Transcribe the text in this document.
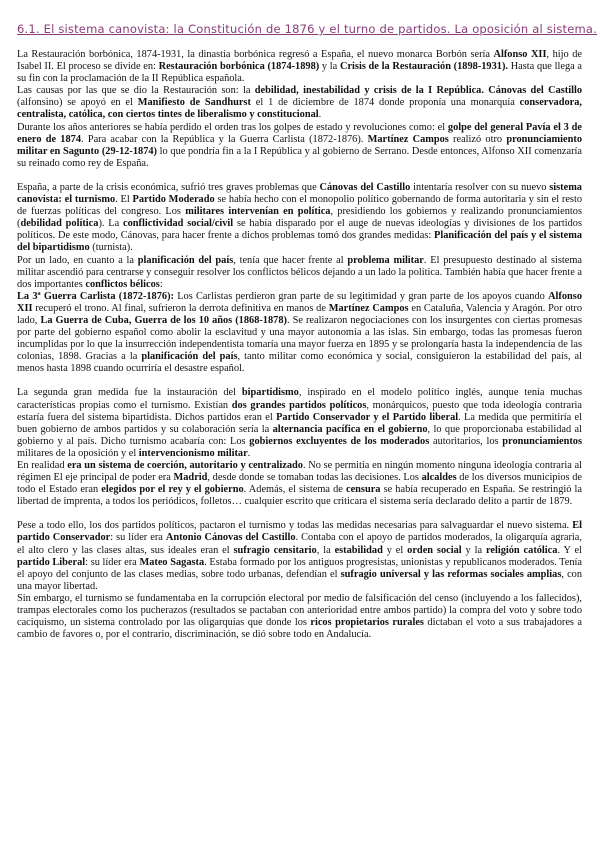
6.1. El sistema canovista: la Constitución de 1876 y el turno de partidos. La oposición al sistema.

La Restauración borbónica, 1874-1931, la dinastía borbónica regresó a España, el nuevo monarca Borbón sería Alfonso XII, hijo de Isabel II. El proceso se divide en: Restauración borbónica (1874-1898) y la Crisis de la Restauración (1898-1931). Hasta que llega a su fin con la proclamación de la II República española.

Las causas por las que se dio la Restauración son: la debilidad, inestabilidad y crisis de la I República. Cánovas del Castillo (alfonsino) se apoyó en el Manifiesto de Sandhurst el 1 de diciembre de 1874 donde proponía una monarquía conservadora, centralista, católica, con ciertos tintes de liberalismo y constitucional.

Durante los años anteriores se había perdido el orden tras los golpes de estado y revoluciones como: el golpe del general Pavía el 3 de enero de 1874. Para acabar con la República y la Guerra Carlista (1872-1876). Martínez Campos realizó otro pronunciamiento militar en Sagunto (29-12-1874) lo que pondría fin a la I República y al gobierno de Serrano. Desde entonces, Alfonso XII comenzaría su reinado como rey de España.

España, a parte de la crisis económica, sufrió tres graves problemas que Cánovas del Castillo intentaría resolver con su nuevo sistema canovista: el turnismo. El Partido Moderado se había hecho con el monopolio político gobernando de forma autoritaria y sin el resto de fuerzas políticas del congreso. Los militares intervenían en política, presidiendo los gobiernos y realizando pronunciamientos (debilidad política). La conflictividad social/civil se había disparado por el auge de nuevas ideologías y divisiones de los partidos políticos. De este modo, Cánovas, para hacer frente a dichos problemas tomó dos grandes medidas: Planificación del país y el sistema del bipartidismo (turnista).

Por un lado, en cuanto a la planificación del país, tenía que hacer frente al problema militar. El presupuesto destinado al sistema militar ascendió para centrarse y conseguir resolver los conflictos bélicos dejando a un lado la política. También había que hacer frente a dos importantes conflictos bélicos:

La 3ª Guerra Carlista (1872-1876): Los Carlistas perdieron gran parte de su legitimidad y gran parte de los apoyos cuando Alfonso XII recuperó el trono. Al final, sufrieron la derrota definitiva en manos de Martínez Campos en Cataluña, Valencia y Aragón. Por otro lado, La Guerra de Cuba, Guerra de los 10 años (1868-1878). Se realizaron negociaciones con los insurgentes con ciertas promesas por parte del gobierno español como abolir la esclavitud y una mayor autonomía a las islas. Sin embargo, todas las promesas fueron incumplidas por lo que la insurrección independentista tomaría una mayor fuerza en 1895 y se prolongaría hasta la independencia de las colonias, 1898. Gracias a la planificación del país, tanto militar como económica y social, consiguieron la estabilidad del país, al menos hasta 1898 cuando ocurriría el desastre español.

La segunda gran medida fue la instauración del bipartidismo, inspirado en el modelo político inglés, aunque tenía muchas características propias como el turnismo. Existían dos grandes partidos políticos, monárquicos, puesto que toda ideología contraria estaría fuera del sistema bipartidista. Dichos partidos eran el Partido Conservador y el Partido liberal. La medida que permitiría el buen gobierno de ambos partidos y su colaboración sería la alternancia pacífica en el gobierno, lo que proporcionaba estabilidad al gobierno y al país. Dicho turnismo acabaría con: Los gobiernos excluyentes de los moderados autoritarios, los pronunciamientos militares de la oposición y el intervencionismo militar.

En realidad era un sistema de coerción, autoritario y centralizado. No se permitía en ningún momento ninguna ideología contraria al régimen El eje principal de poder era Madrid, desde donde se tomaban todas las decisiones. Los alcaldes de los diversos municipios de todo el Estado eran elegidos por el rey y el gobierno. Además, el sistema de censura se había recuperado en España. Se restringió la libertad de imprenta, a todos los periódicos, folletos… cualquier escrito que criticara el sistema sería declarado delito a partir de 1879.

Pese a todo ello, los dos partidos políticos, pactaron el turnismo y todas las medidas necesarias para salvaguardar el nuevo sistema. El partido Conservador: su líder era Antonio Cánovas del Castillo. Contaba con el apoyo de partidos moderados, la oligarquía agraria, el alto clero y las clases altas, sus ideales eran el sufragio censitario, la estabilidad y el orden social y la religión católica. Y el partido Liberal: su líder era Mateo Sagasta. Estaba formado por los antiguos progresistas, unionistas y republicanos moderados. Tenía el apoyo del conjunto de las clases medias, sobre todo urbanas, defendían el sufragio universal y las reformas sociales amplias, con una mayor libertad.

Sin embargo, el turnismo se fundamentaba en la corrupción electoral por medio de falsificación del censo (incluyendo a los fallecidos), trampas electorales como los pucherazos (resultados se pactaban con anterioridad entre ambos partido) la compra del voto y sobre todo caciquismo, un sistema controlado por las oligarquías que donde los ricos propietarios rurales dictaban el voto a sus trabajadores a cambio de favores o, por el contrario, discriminación, se dió sobre todo en Andalucía.
